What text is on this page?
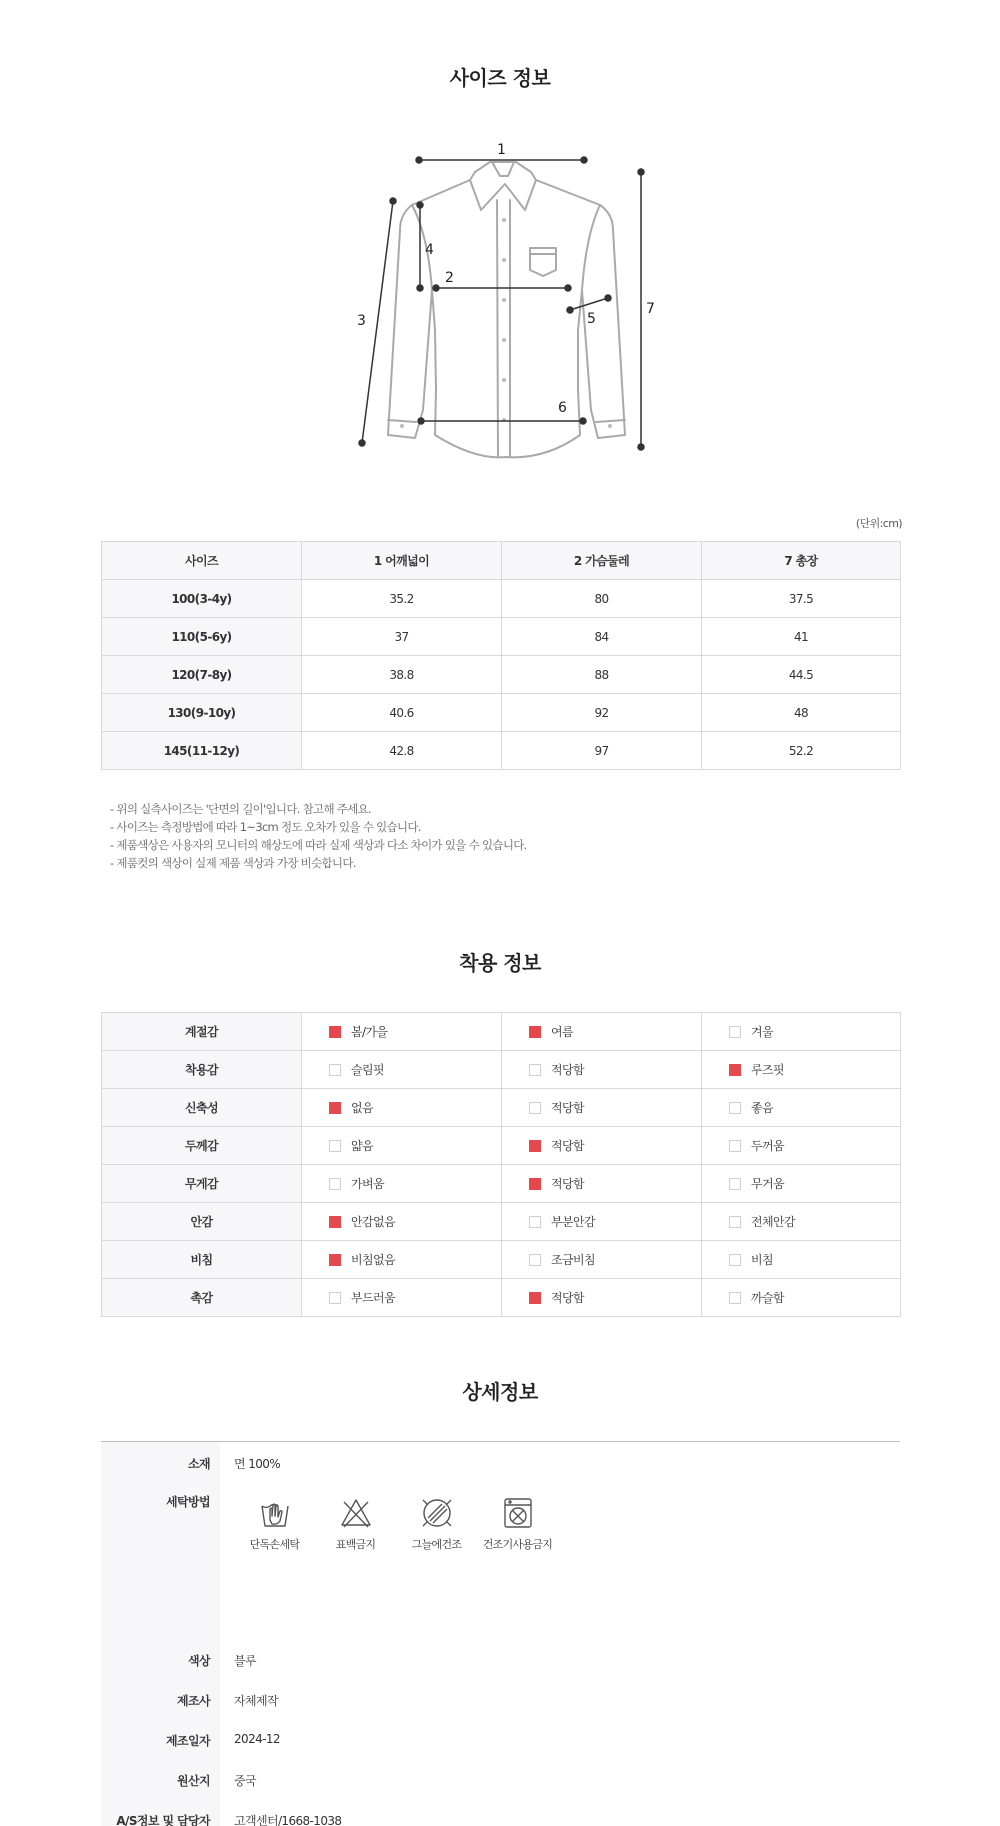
사이즈 정보
1
2
3
4
5
6
7
(단위:cm)
사이즈	1 어깨넓이	2 가슴둘레	7 총장
100(3-4y)	35.2	80	37.5
110(5-6y)	37	84	41
120(7-8y)	38.8	88	44.5
130(9-10y)	40.6	92	48
145(11-12y)	42.8	97	52.2
- 위의 실측사이즈는 '단면의 길이'입니다. 참고해 주세요.
- 사이즈는 측정방법에 따라 1~3cm 정도 오차가 있을 수 있습니다.
- 제품색상은 사용자의 모니터의 해상도에 따라 실제 색상과 다소 차이가 있을 수 있습니다.
- 제품컷의 색상이 실제 제품 색상과 가장 비슷합니다.
착용 정보
계절감	봄/가을	여름	겨울
착용감	슬림핏	적당함	루즈핏
신축성	없음	적당함	좋음
두께감	얇음	적당함	두꺼움
무게감	가벼움	적당함	무거움
안감	안감없음	부분안감	전체안감
비침	비침없음	조금비침	비침
촉감	부드러움	적당함	까슬함
상세정보
소재	면 100%
세탁방법	단독손세탁 표백금지 그늘에건조 건조기사용금지

색상	블루
제조사	자체제작
제조일자	2024-12
원산지	중국
A/S정보 및 담당자	고객센터/1668-1038
